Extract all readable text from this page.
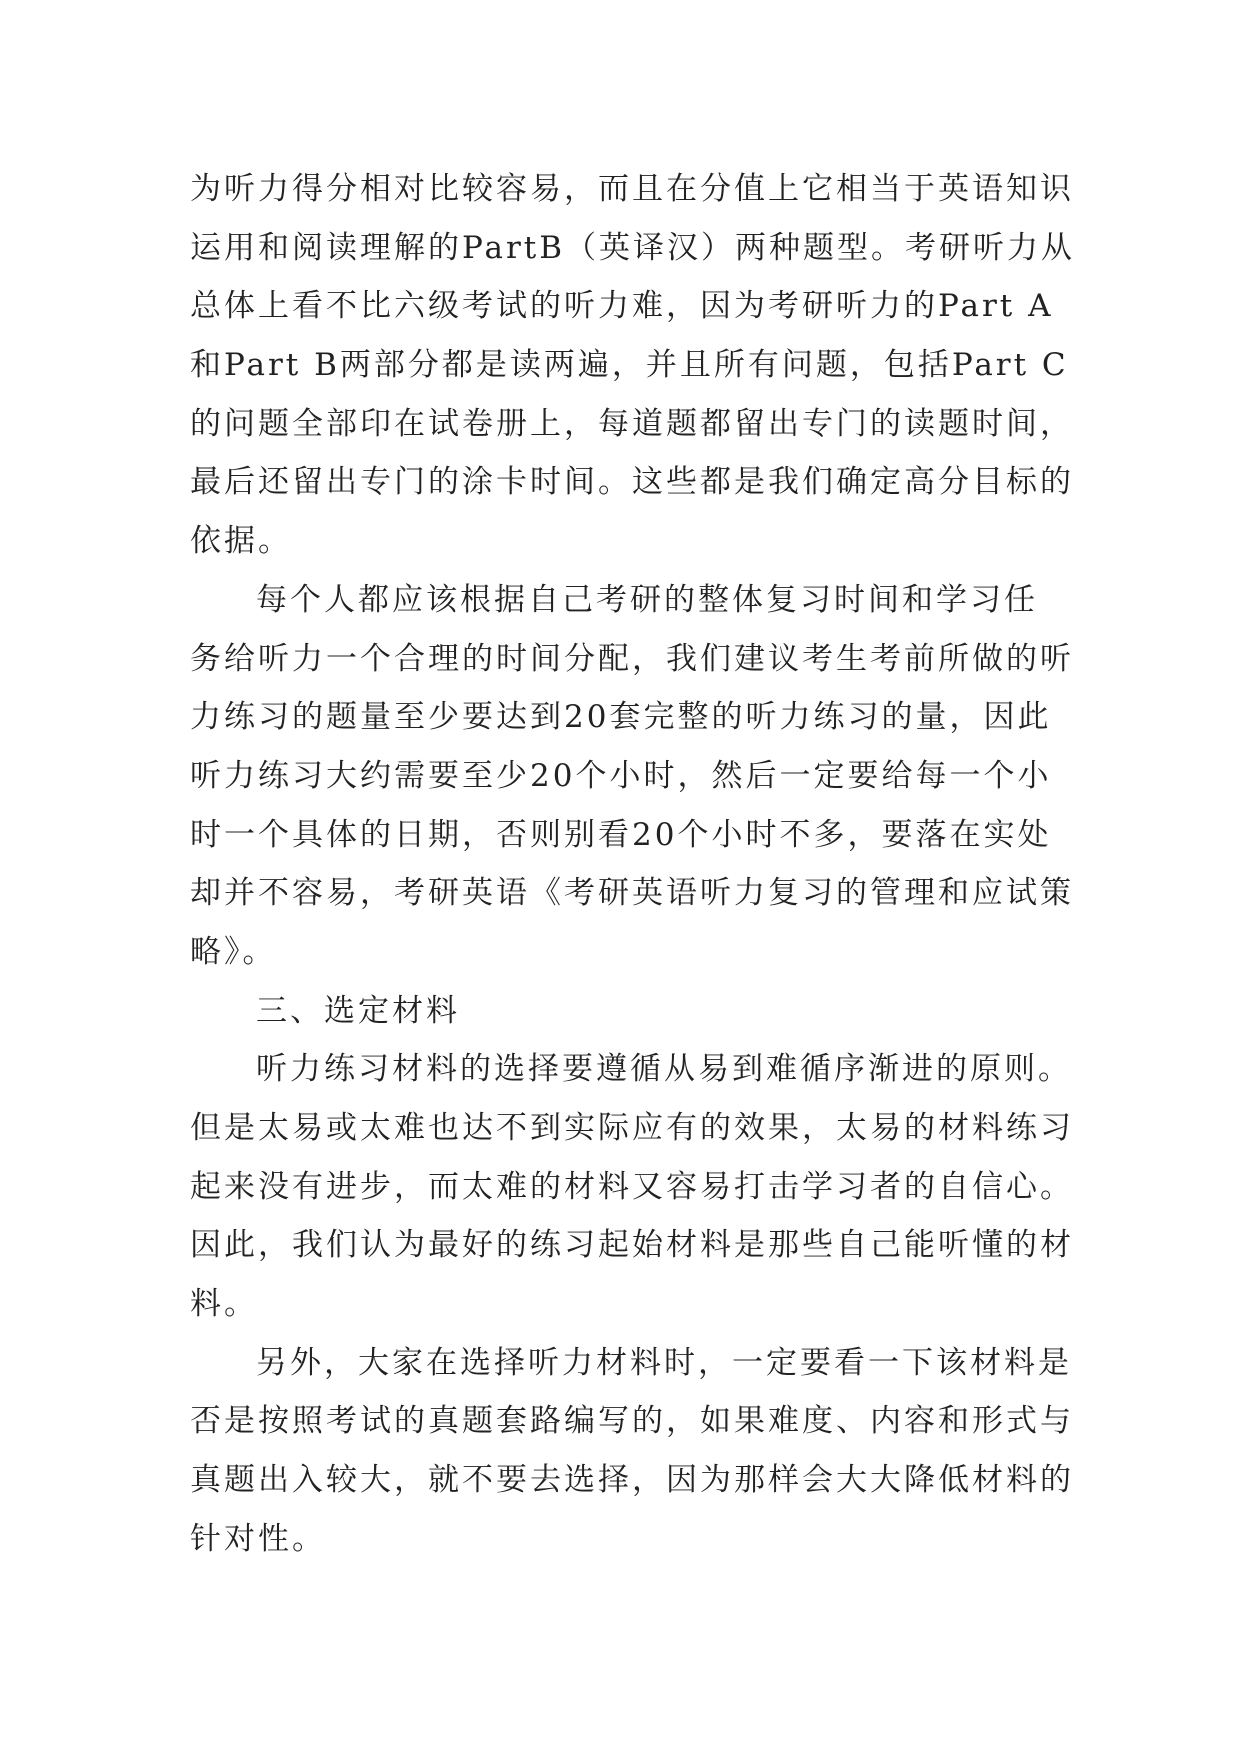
为听力得分相对比较容易，而且在分值上它相当于英语知识
运用和阅读理解的PartB（英译汉）两种题型。考研听力从
总体上看不比六级考试的听力难，因为考研听力的Part A
和Part B两部分都是读两遍，并且所有问题，包括Part C
的问题全部印在试卷册上，每道题都留出专门的读题时间，
最后还留出专门的涂卡时间。这些都是我们确定高分目标的
依据。
每个人都应该根据自己考研的整体复习时间和学习任
务给听力一个合理的时间分配，我们建议考生考前所做的听
力练习的题量至少要达到20套完整的听力练习的量，因此
听力练习大约需要至少20个小时，然后一定要给每一个小
时一个具体的日期，否则别看20个小时不多，要落在实处
却并不容易，考研英语《考研英语听力复习的管理和应试策
略》。
三、选定材料
听力练习材料的选择要遵循从易到难循序渐进的原则。
但是太易或太难也达不到实际应有的效果，太易的材料练习
起来没有进步，而太难的材料又容易打击学习者的自信心。
因此，我们认为最好的练习起始材料是那些自己能听懂的材
料。
另外，大家在选择听力材料时，一定要看一下该材料是
否是按照考试的真题套路编写的，如果难度、内容和形式与
真题出入较大，就不要去选择，因为那样会大大降低材料的
针对性。
